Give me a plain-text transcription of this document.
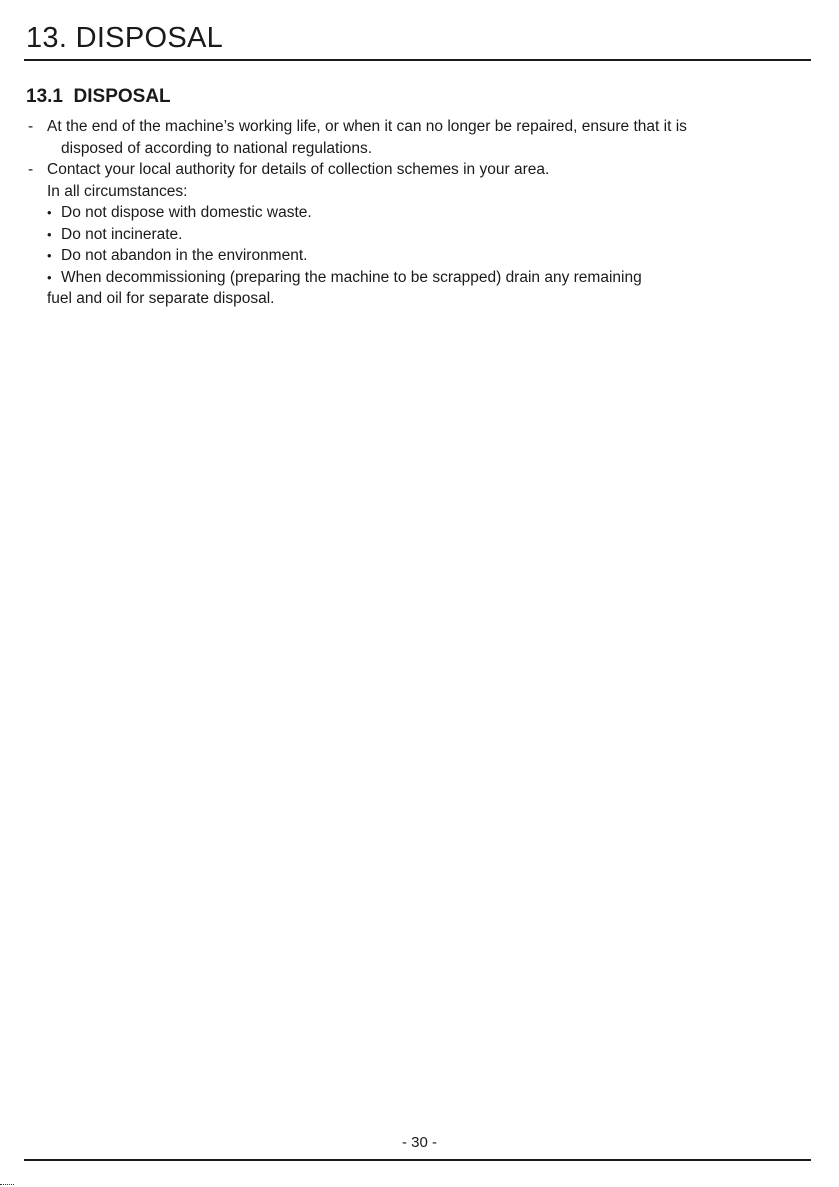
13. DISPOSAL
13.1  DISPOSAL
- At the end of the machine’s working life, or when it can no longer be repaired, ensure that it is
disposed of according to national regulations.
- Contact your local authority for details of collection schemes in your area.
In all circumstances:
• Do not dispose with domestic waste.
• Do not incinerate.
• Do not abandon in the environment.
• When decommissioning (preparing the machine to be scrapped) drain any remaining
fuel and oil for separate disposal.
- 30 -
